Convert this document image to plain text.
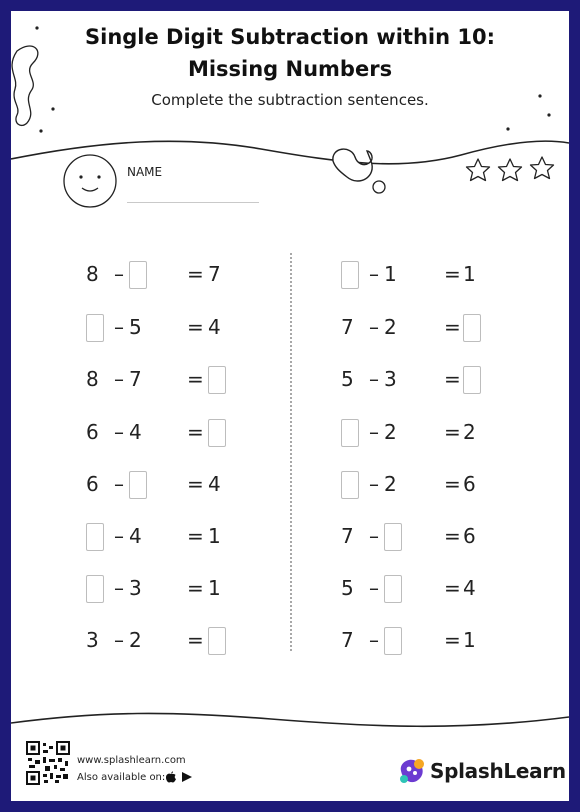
Single Digit Subtraction within 10:
Missing Numbers
Complete the subtraction sentences.
NAME
8 –	= 7
– 5 = 4
8 – 7 =
6 – 4 =
6 –	= 4
– 4 = 1
– 3 = 1
3 – 2 =
– 1 = 1
7 – 2 =
5 – 3 =
– 2 = 2
– 2 = 6
7 –	= 6
5 –	= 4
7 –	= 1
www.splashlearn.com
Also available on:	SplashLearn
